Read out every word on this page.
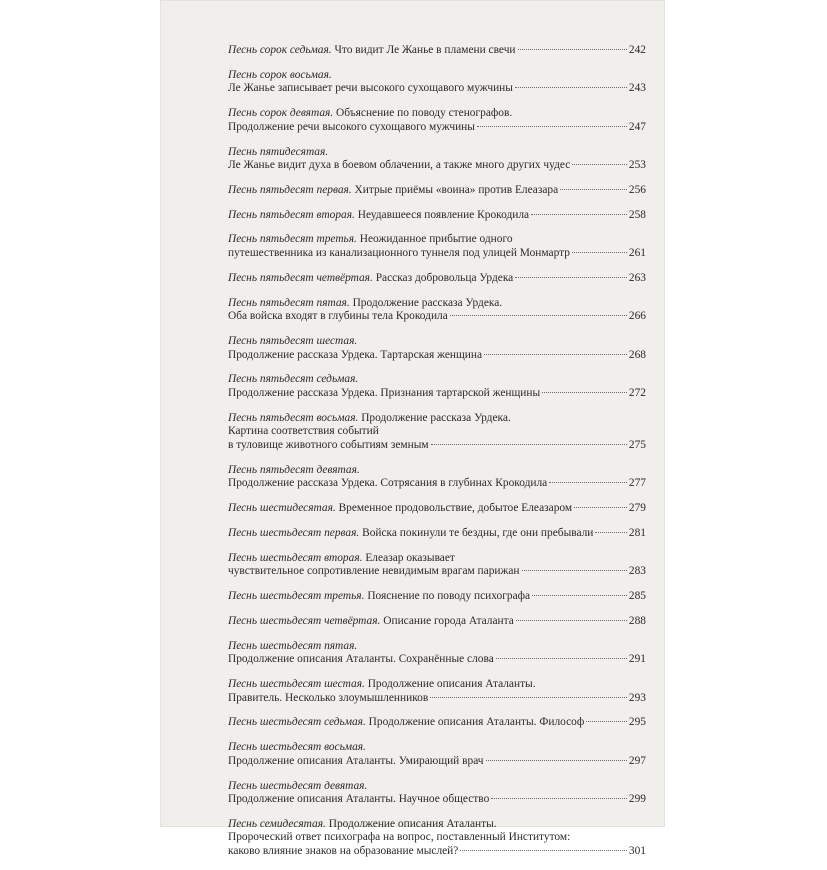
Песнь сорок седьмая. Что видит Ле Жанье в пламени свечи	242
Песнь сорок восьмая.
Ле Жанье записывает речи высокого сухощавого мужчины	243
Песнь сорок девятая. Объяснение по поводу стенографов.
Продолжение речи высокого сухощавого мужчины	247
Песнь пятидесятая.
Ле Жанье видит духа в боевом облачении, а также много других чудес	253
Песнь пятьдесят первая. Хитрые приёмы «воина» против Елеазара	256
Песнь пятьдесят вторая. Неудавшееся появление Крокодила	258
Песнь пятьдесят третья. Неожиданное прибытие одного
путешественника из канализационного туннеля под улицей Монмартр	261
Песнь пятьдесят четвёртая. Рассказ добровольца Урдека	263
Песнь пятьдесят пятая. Продолжение рассказа Урдека.
Оба войска входят в глубины тела Крокодила	266
Песнь пятьдесят шестая.
Продолжение рассказа Урдека. Тартарская женщина	268
Песнь пятьдесят седьмая.
Продолжение рассказа Урдека. Признания тартарской женщины	272
Песнь пятьдесят восьмая. Продолжение рассказа Урдека.
Картина соответствия событий
в туловище животного событиям земным	275
Песнь пятьдесят девятая.
Продолжение рассказа Урдека. Сотрясания в глубинах Крокодила	277
Песнь шестидесятая. Временное продовольствие, добытое Елеазаром	279
Песнь шестьдесят первая. Войска покинули те бездны, где они пребывали	281
Песнь шестьдесят вторая. Елеазар оказывает
чувствительное сопротивление невидимым врагам парижан	283
Песнь шестьдесят третья. Пояснение по поводу психографа	285
Песнь шестьдесят четвёртая. Описание города Аталанта	288
Песнь шестьдесят пятая.
Продолжение описания Аталанты. Сохранённые слова	291
Песнь шестьдесят шестая. Продолжение описания Аталанты.
Правитель. Несколько злоумышленников	293
Песнь шестьдесят седьмая. Продолжение описания Аталанты. Философ	295
Песнь шестьдесят восьмая.
Продолжение описания Аталанты. Умирающий врач	297
Песнь шестьдесят девятая.
Продолжение описания Аталанты. Научное общество	299
Песнь семидесятая. Продолжение описания Аталанты.
Пророческий ответ психографа на вопрос, поставленный Институтом:
каково влияние знаков на образование мыслей?	301
